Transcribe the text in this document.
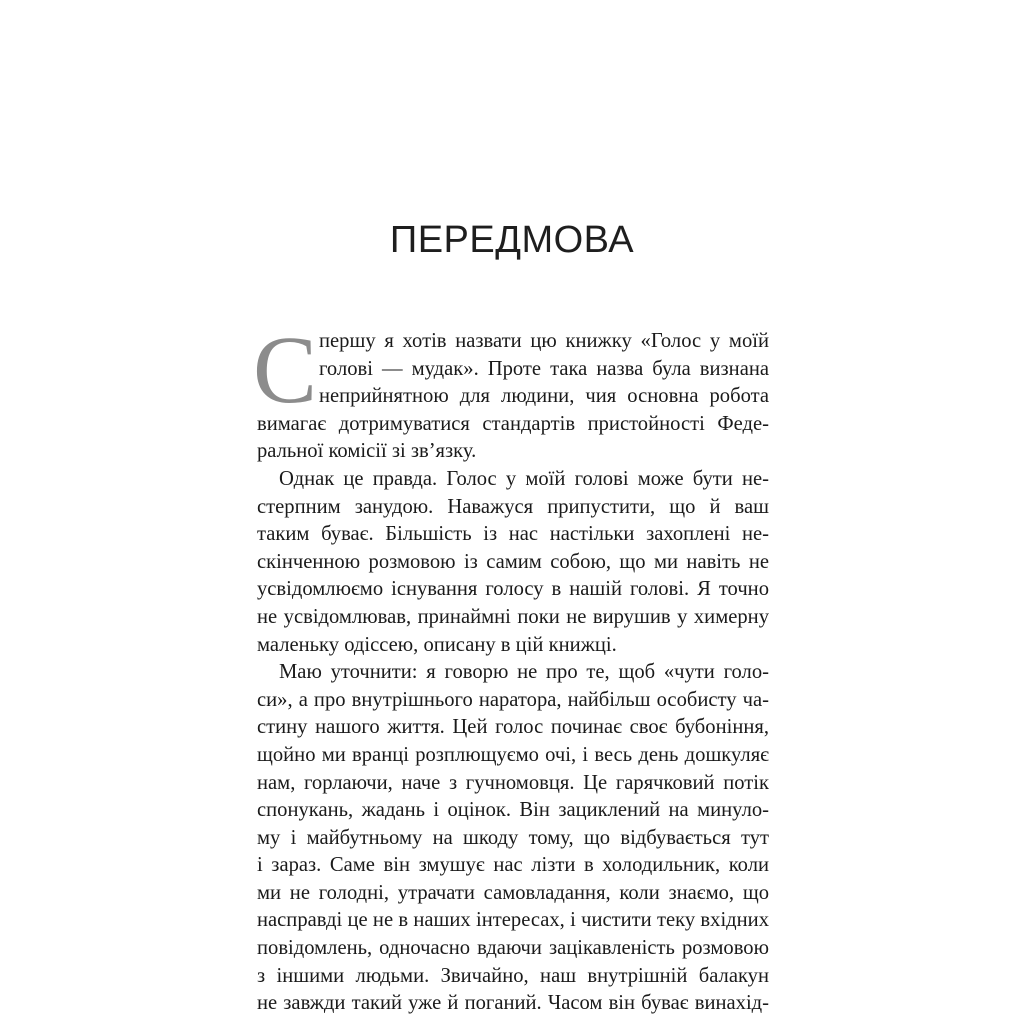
ПЕРЕДМОВА
С першу я хотів назвати цю книжку «Голос у моїй
голові — мудак». Проте така назва була визнана
неприйнятною для людини, чия основна робота
вимагає дотримуватися стандартів пристойності Феде-
ральної комісії зі зв’язку.
Однак це правда. Голос у моїй голові може бути не-
стерпним занудою. Наважуся припустити, що й ваш
таким буває. Більшість із нас настільки захоплені не-
скінченною розмовою із самим собою, що ми навіть не
усвідомлюємо існування голосу в нашій голові. Я точно
не усвідомлював, принаймні поки не вирушив у химерну
маленьку одіссею, описану в цій книжці.
Маю уточнити: я говорю не про те, щоб «чути голо-
си», а про внутрішнього наратора, найбільш особисту ча-
стину нашого життя. Цей голос починає своє бубоніння,
щойно ми вранці розплющуємо очі, і весь день дошкуляє
нам, горлаючи, наче з гучномовця. Це гарячковий потік
спонукань, жадань і оцінок. Він зациклений на минуло-
му і майбутньому на шкоду тому, що відбувається тут
і зараз. Саме він змушує нас лізти в холодильник, коли
ми не голодні, утрачати самовладання, коли знаємо, що
насправді це не в наших інтересах, і чистити теку вхідних
повідомлень, одночасно вдаючи зацікавленість розмовою
з іншими людьми. Звичайно, наш внутрішній балакун
не завжди такий уже й поганий. Часом він буває винахід-
